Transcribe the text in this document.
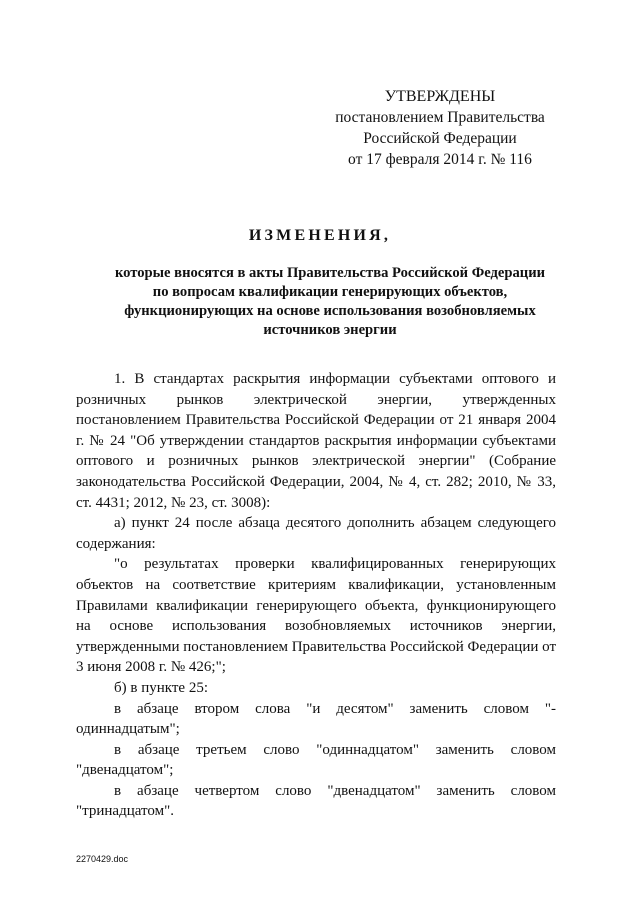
УТВЕРЖДЕНЫ
постановлением Правительства
Российской Федерации
от 17 февраля 2014 г. № 116
ИЗМЕНЕНИЯ,
которые вносятся в акты Правительства Российской Федерации
по вопросам квалификации генерирующих объектов,
функционирующих на основе использования возобновляемых
источников энергии

1. В стандартах раскрытия информации субъектами оптового и розничных рынков электрической энергии, утвержденных постановлением Правительства Российской Федерации от 21 января 2004 г. № 24 "Об утверждении стандартов раскрытия информации субъектами оптового и розничных рынков электрической энергии" (Собрание законодательства Российской Федерации, 2004, № 4, ст. 282; 2010, № 33, ст. 4431; 2012, № 23, ст. 3008):

а) пункт 24 после абзаца десятого дополнить абзацем следующего содержания:

"о результатах проверки квалифицированных генерирующих объектов на соответствие критериям квалификации, установленным Правилами квалификации генерирующего объекта, функционирующего на основе использования возобновляемых источников энергии, утвержденными постановлением Правительства Российской Федерации от 3 июня 2008 г. № 426;";

б) в пункте 25:

в абзаце втором слова "и десятом" заменить словом "- одиннадцатым";

в абзаце третьем слово "одиннадцатом" заменить словом "двенадцатом";

в абзаце четвертом слово "двенадцатом" заменить словом "тринадцатом".

2270429.doc
